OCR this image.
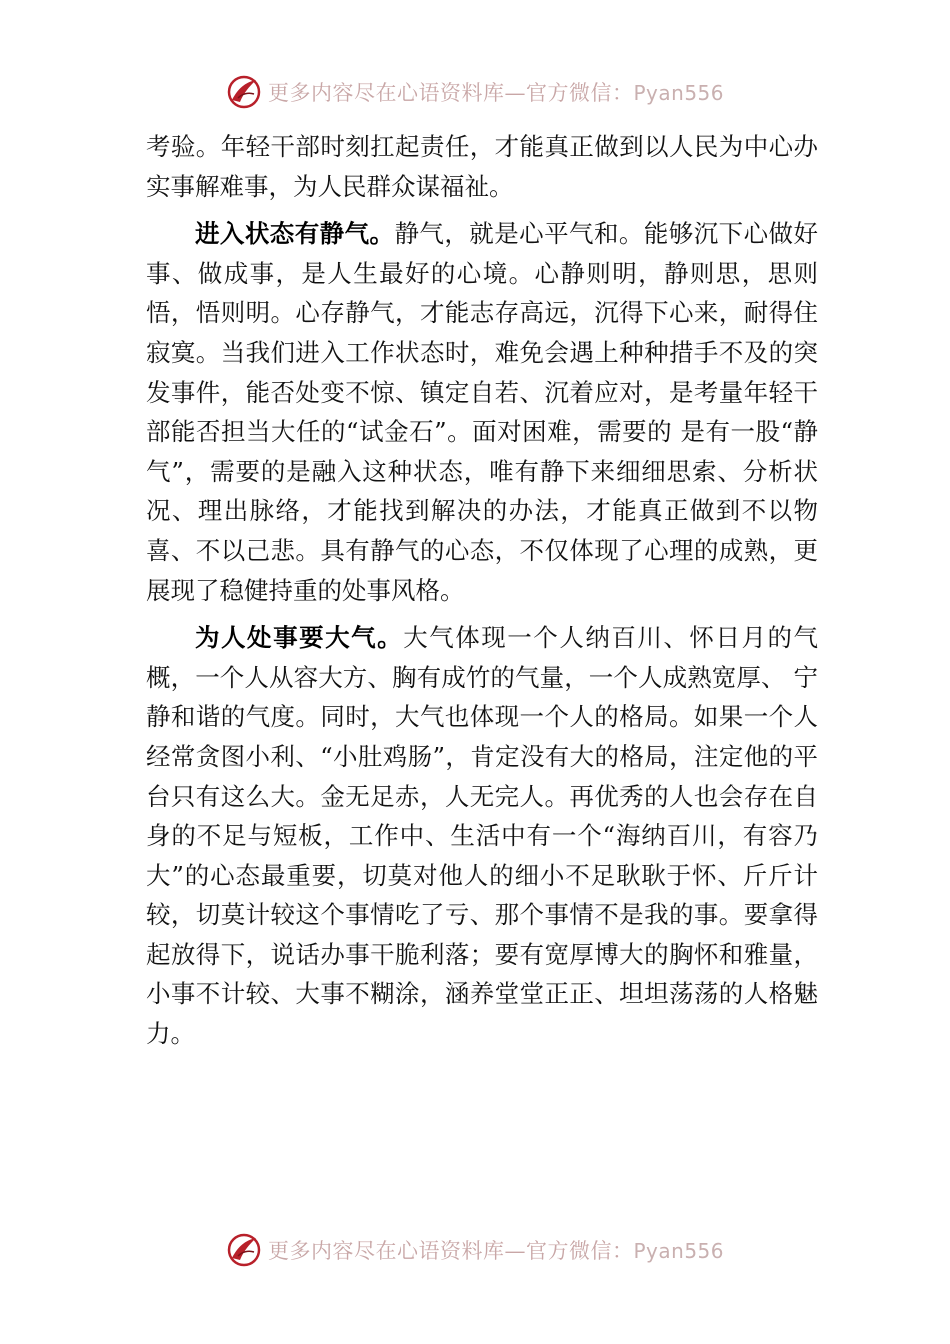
更多内容尽在心语资料库—官方微信：Pyan556

考验。年轻干部时刻扛起责任，才能真正做到以人民为中心办实事解难事，为人民群众谋福祉。

进入状态有静气。静气，就是心平气和。能够沉下心做好事、做成事，是人生最好的心境。心静则明，静则思，思则悟，悟则明。心存静气，才能志存高远，沉得下心来，耐得住寂寞。当我们进入工作状态时，难免会遇上种种措手不及的突发事件，能否处变不惊、镇定自若、沉着应对，是考量年轻干部能否担当大任的“试金石”。面对困难，需要的 是有一股“静气”，需要的是融入这种状态，唯有静下来细细思索、分析状况、理出脉络，才能找到解决的办法，才能真正做到不以物喜、不以己悲。具有静气的心态，不仅体现了心理的成熟，更展现了稳健持重的处事风格。

为人处事要大气。大气体现一个人纳百川、怀日月的气概，一个人从容大方、胸有成竹的气量，一个人成熟宽厚、 宁静和谐的气度。同时，大气也体现一个人的格局。如果一个人经常贪图小利、“小肚鸡肠”，肯定没有大的格局，注定他的平台只有这么大。金无足赤，人无完人。再优秀的人也会存在自身的不足与短板，工作中、生活中有一个“海纳百川，有容乃大”的心态最重要，切莫对他人的细小不足耿耿于怀、斤斤计较，切莫计较这个事情吃了亏、那个事情不是我的事。要拿得起放得下，说话办事干脆利落；要有宽厚博大的胸怀和雅量，小事不计较、大事不糊涂，涵养堂堂正正、坦坦荡荡的人格魅力。

更多内容尽在心语资料库—官方微信：Pyan556
